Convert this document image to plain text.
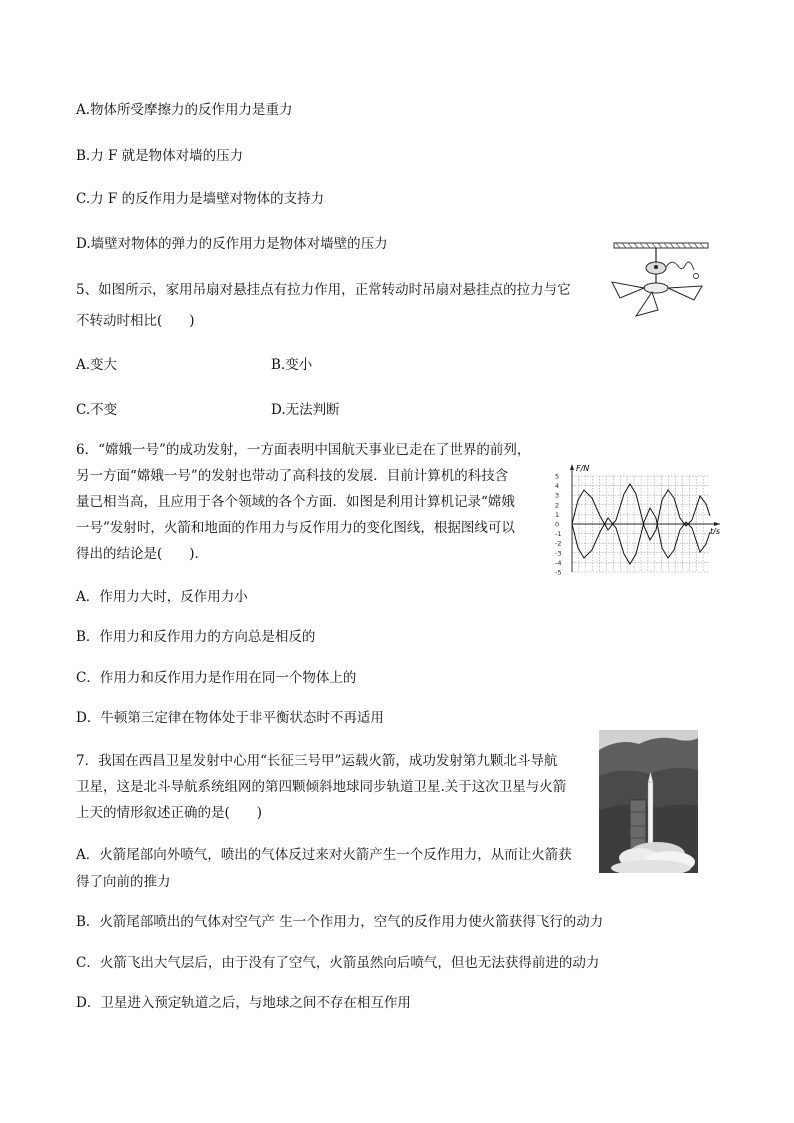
A.物体所受摩擦力的反作用力是重力
B.力 F 就是物体对墙的压力
C.力 F 的反作用力是墙壁对物体的支持力
D.墙壁对物体的弹力的反作用力是物体对墙壁的压力
5、如图所示，家用吊扇对悬挂点有拉力作用，正常转动时吊扇对悬挂点的拉力与它
不转动时相比(　　)
A.变大	B.变小
C.不变	D.无法判断
6．“嫦娥一号”的成功发射，一方面表明中国航天事业已走在了世界的前列，
另一方面“嫦娥一号”的发射也带动了高科技的发展．目前计算机的科技含
量已相当高，且应用于各个领域的各个方面．如图是利用计算机记录“嫦娥
一号”发射时，火箭和地面的作用力与反作用力的变化图线，根据图线可以
得出的结论是(　　)．
F/N
t/s
5
4
3
2
1
0
-1
-2
-3
-4
-5
A．作用力大时，反作用力小
B．作用力和反作用力的方向总是相反的
C．作用力和反作用力是作用在同一个物体上的
D．牛顿第三定律在物体处于非平衡状态时不再适用
7．我国在西昌卫星发射中心用“长征三号甲”运载火箭，成功发射第九颗北斗导航
卫星，这是北斗导航系统组网的第四颗倾斜地球同步轨道卫星.关于这次卫星与火箭
上天的情形叙述正确的是(　　)
A．火箭尾部向外喷气，喷出的气体反过来对火箭产生一个反作用力，从而让火箭获
得了向前的推力
B．火箭尾部喷出的气体对空气产 生一个作用力，空气的反作用力使火箭获得飞行的动力
C．火箭飞出大气层后，由于没有了空气，火箭虽然向后喷气，但也无法获得前进的动力
D．卫星进入预定轨道之后，与地球之间不存在相互作用
